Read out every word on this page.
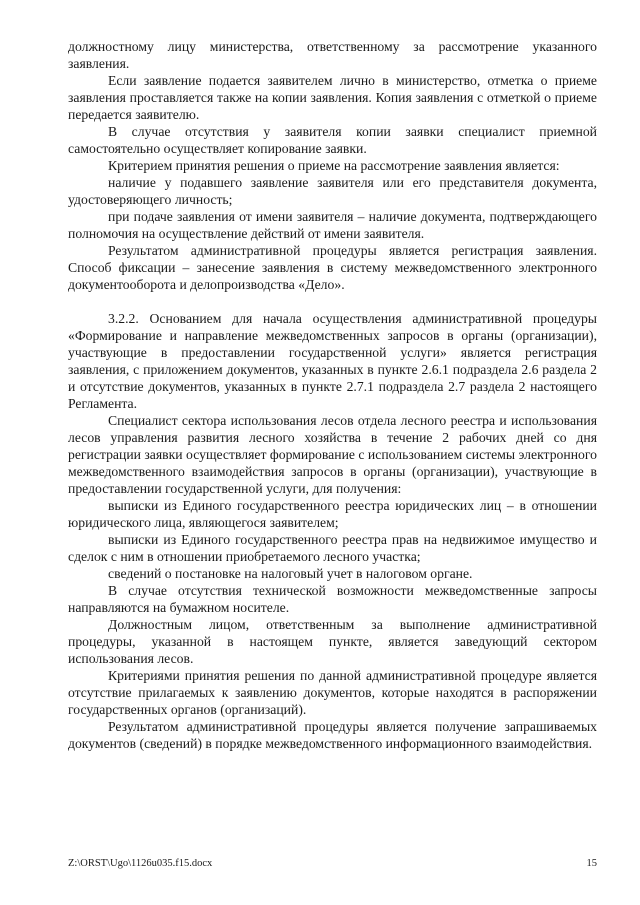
должностному лицу министерства, ответственному за рассмотрение указанного заявления.

Если заявление подается заявителем лично в министерство, отметка о приеме заявления проставляется также на копии заявления. Копия заявления с отметкой о приеме передается заявителю.

В случае отсутствия у заявителя копии заявки специалист приемной самостоятельно осуществляет копирование заявки.

Критерием принятия решения о приеме на рассмотрение заявления является:

наличие у подавшего заявление заявителя или его представителя документа, удостоверяющего личность;

при подаче заявления от имени заявителя – наличие документа, подтверждающего полномочия на осуществление действий от имени заявителя.

Результатом административной процедуры является регистрация заявления. Способ фиксации – занесение заявления в систему межведомственного электронного документооборота и делопроизводства «Дело».

3.2.2. Основанием для начала осуществления административной процедуры «Формирование и направление межведомственных запросов в органы (организации), участвующие в предоставлении государственной услуги» является регистрация заявления, с приложением документов, указанных в пункте 2.6.1 подраздела 2.6 раздела 2 и отсутствие документов, указанных в пункте 2.7.1 подраздела 2.7 раздела 2 настоящего Регламента.

Специалист сектора использования лесов отдела лесного реестра и использования лесов управления развития лесного хозяйства в течение 2 рабочих дней со дня регистрации заявки осуществляет формирование с использованием системы электронного межведомственного взаимодействия запросов в органы (организации), участвующие в предоставлении государственной услуги, для получения:

выписки из Единого государственного реестра юридических лиц – в отношении юридического лица, являющегося заявителем;

выписки из Единого государственного реестра прав на недвижимое имущество и сделок с ним в отношении приобретаемого лесного участка;

сведений о постановке на налоговый учет в налоговом органе.

В случае отсутствия технической возможности межведомственные запросы направляются на бумажном носителе.

Должностным лицом, ответственным за выполнение административной процедуры, указанной в настоящем пункте, является заведующий сектором использования лесов.

Критериями принятия решения по данной административной процедуре является отсутствие прилагаемых к заявлению документов, которые находятся в распоряжении государственных органов (организаций).

Результатом административной процедуры является получение запрашиваемых документов (сведений) в порядке межведомственного информационного взаимодействия.

Z:\ORST\Ugo\1126u035.f15.docx	15
